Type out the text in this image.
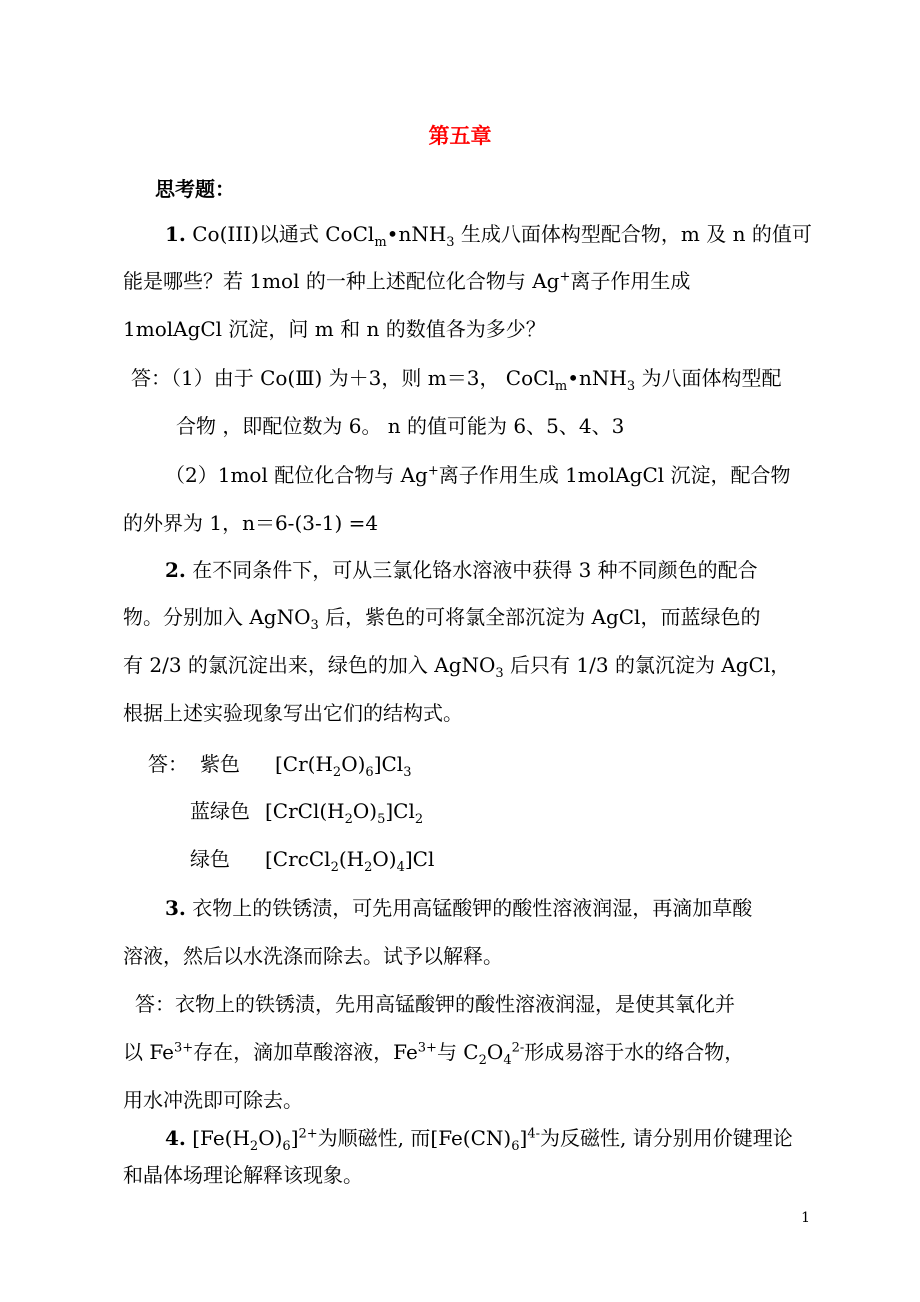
第五章
思考题：
1. Co(III)以通式 CoCl$_m$•nNH$_3$ 生成八面体构型配合物，m 及 n 的值可
能是哪些？若 1mol 的一种上述配位化合物与 Ag+离子作用生成
1molAgCl 沉淀，问 m 和 n 的数值各为多少？
答：（1）由于 Co(Ⅲ) 为＋3，则 m＝3， CoCl$_m$•nNH$_3$ 为八面体构型配
合物 ，即配位数为 6。 n 的值可能为 6、5、4、3
（2）1mol 配位化合物与 Ag+离子作用生成 1molAgCl 沉淀，配合物
的外界为 1，n＝6-(3-1) =4
2. 在不同条件下，可从三氯化铬水溶液中获得 3 种不同颜色的配合
物。分别加入 AgNO$_3$ 后，紫色的可将氯全部沉淀为 AgCl，而蓝绿色的
有 2/3 的氯沉淀出来，绿色的加入 AgNO$_3$ 后只有 1/3 的氯沉淀为 AgCl，
根据上述实验现象写出它们的结构式。
答： 紫色 $[Cr(H_2O)_6]Cl_3$
蓝绿色 $[CrCl(H_2O)_5]Cl_2$
绿色 $[CrcCl_2(H_2O)_4]Cl$
3. 衣物上的铁锈渍，可先用高锰酸钾的酸性溶液润湿，再滴加草酸
溶液，然后以水洗涤而除去。试予以解释。
答：衣物上的铁锈渍，先用高锰酸钾的酸性溶液润湿，是使其氧化并
以 $Fe^{3+}$存在，滴加草酸溶液，$Fe^{3+}$与 $C_2O_4^{2-}$形成易溶于水的络合物，
用水冲洗即可除去。
4. $[Fe(H_2O)_6]^{2+}$为顺磁性, 而$[Fe(CN)_6]^{4-}$为反磁性, 请分别用价键理论
和晶体场理论解释该现象。
1
